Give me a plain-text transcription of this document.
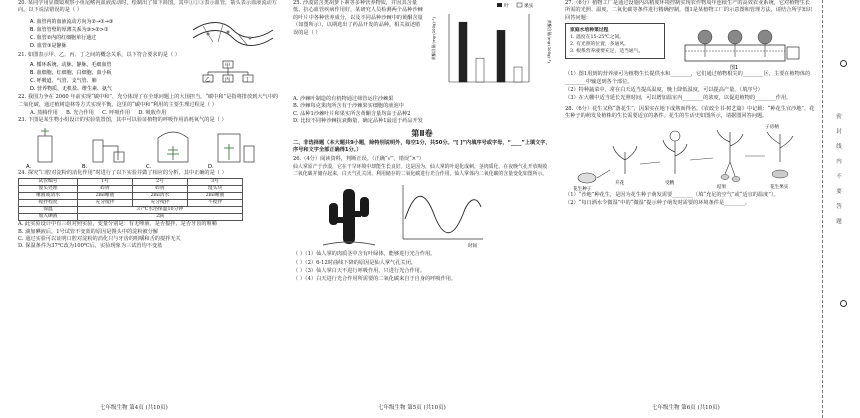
20. 某同学用显微镜观察小鱼尾鳍内血液流动时，绘制出了如下简图，其中①②③表示血管，箭头表示血液流动方向。以下说法错误的是（ ）
A. 血管内的血液流动方向为②→①→③
B. 血管管壁的厚薄关系为③>②>①
C. 血管②内的红细胞单行通过
D. 血管③是静脉
21. 如图表示甲、乙、丙、丁之间的概念关系，以下符合要求的是（ ）
A. 循环系统、动脉、静脉、毛细血管
B. 血细胞、红细胞、白细胞、血小板
C. 呼吸道、气管、支气管、肺
D. 营养物质、无机盐、维生素、氨气
甲
乙	丙	丁
22. 我国力争在 2060 年前实现“碳中和”，充分体现了在全球问题上的大国担当。“碳中和”是指将排放到大气中的二氧化碳，通过植树造林等方式实现平衡。这里的“碳中和”利用的主要生理过程是（ ）
A. 蒸腾作用 B. 光合作用 C. 呼吸作用 D. 吸收作用
23. 下图是某生物小组设计的实验装置图，其中可以验证植物的呼吸作用消耗氧气的是（ ）
A.	B.	C.	D.
24. 探究“口腔对淀粉的消化作用”时进行了以下实验并做了相应的分析，其中正确的是（ ）
试管编号	1号	2号	3号
馒头处理	碎屑	碎屑	馒头块
唾液或清水	2ml唾液	2ml清水	2ml唾液
搅拌程度	充分搅拌	充分搅拌	不搅拌
保温	37℃水浴保温10分钟		
加入碘液	2滴		
A. 此实验设计中有三组对照实验，变量分别是：有无唾液、是否搅拌、是否牙齿的咀嚼
B. 滴加碘液后，1号试管不变蓝的原因是馒头中的淀粉被分解
C. 通过实验可以证明口腔对淀粉的消化只与牙齿的咀嚼和舌的搅拌无关
D. 保温条件为37℃改为100℃后，实验现象为三试管均不变蓝
25. 沙漠富含类胡萝卜素等多种营养物质，并因其含量低、抗心血管疾病作用好，某研究人员检测两个品种沙棘的叶片中各种营养成分，以及不同品种沙棘中的黄酮含量（如图所示），以期选出了药品开发的品种。相关叙述错误的是（ ）
叶	果实
黄酮含量/(mg·(100g)⁻¹)	黄酮含量/(mg·(100g)⁻¹)
A. 沙棘叶制造的有机物通过筛管运往沙棘果
B. 沙棘每克果肉所含有于沙棘果实细胞的液泡中
C. 品种1沙棘叶片和果实所含黄酮含量均高于品种2
D. 比较不同种沙棘抗衰酶量，确定品种1最适于药品开发
第Ⅱ卷
二、非选择题（本大题共9小题，除特别说明外，每空1分，共50分。“[ ]”内填序号或字母，“____”上填文字、序号和文字全部正确得1分。）
26.（4分）阅读资料，判断正误。（正确“√”，错误“×”）
仙人掌原产于沙漠，它在干旱环境中却能生长良好。这是因为，仙人掌的叶退化成刺，茎肉质化，在夜晚气孔开放吸收二氧化碳并储存起来，白天气孔关闭，利用储存的二氧化碳进行光合作用。仙人掌体内二氧化碳的含量变化如图所示。
时间
（ ）（1）仙人掌的肉质茎中含有叶绿体，能够进行光合作用。
（ ）（2）6-12时曲线下降的原因是仙人掌气孔关闭。
（ ）（3）仙人掌白天不进行呼吸作用，只进行光合作用。
（ ）（4）白天进行光合作用所需要的二氧化碳来自于自身的呼吸作用。
27.（6分）植物工厂是通过设施内高精度环境控制实现农作物周年连续生产的高效农业系统，它对植物生长所需的光照、温度、二氧化碳等条件进行精确控制。图1是某植物工厂的示意图和管理方法，请结合所学知识回答问题：
家庭水培种菜过程
1. 温度在15-25℃之间。
2. 有光照的位置，多通风。
3. 根系营养液要充足，适当通气。
图1
（1）图1用到的营养液可为植物生长提供水和________，它们通过植物根尖的________区，主要在植物体的________中输送到各个部位。
（2）特种蔬菜中，常在白天适当提高温度，晚上降低温度，可以提高产量。（填序号）
（3）在大棚中适当延长光照时间，可以增加温室内________的浓度，以促进植物的________作用。
28.（6分）花生又称“落花生”，因果实在地下成熟而得名。《农政全书·树艺篇》中记载：“种花生宜沙地”，花生种子的萌发及植株的生长需要适宜的条件。花生的生活史如图所示，请据图回答问题。
花生种子
开花	受精
结果
子房柄
花生果实
（1）“沙地”种花生，是因为花生种子萌发需要________（填“充足的空气”或“适宜的温度”）。
（2）“每日洒水令微湿”中的“微湿”提示种子萌发时需要的环境条件是________。
密 封 线 内 不 要 答 题
七年级生物 第4页 (共10页)	七年级生物 第5页 (共10页)	七年级生物 第6页 (共10页)
